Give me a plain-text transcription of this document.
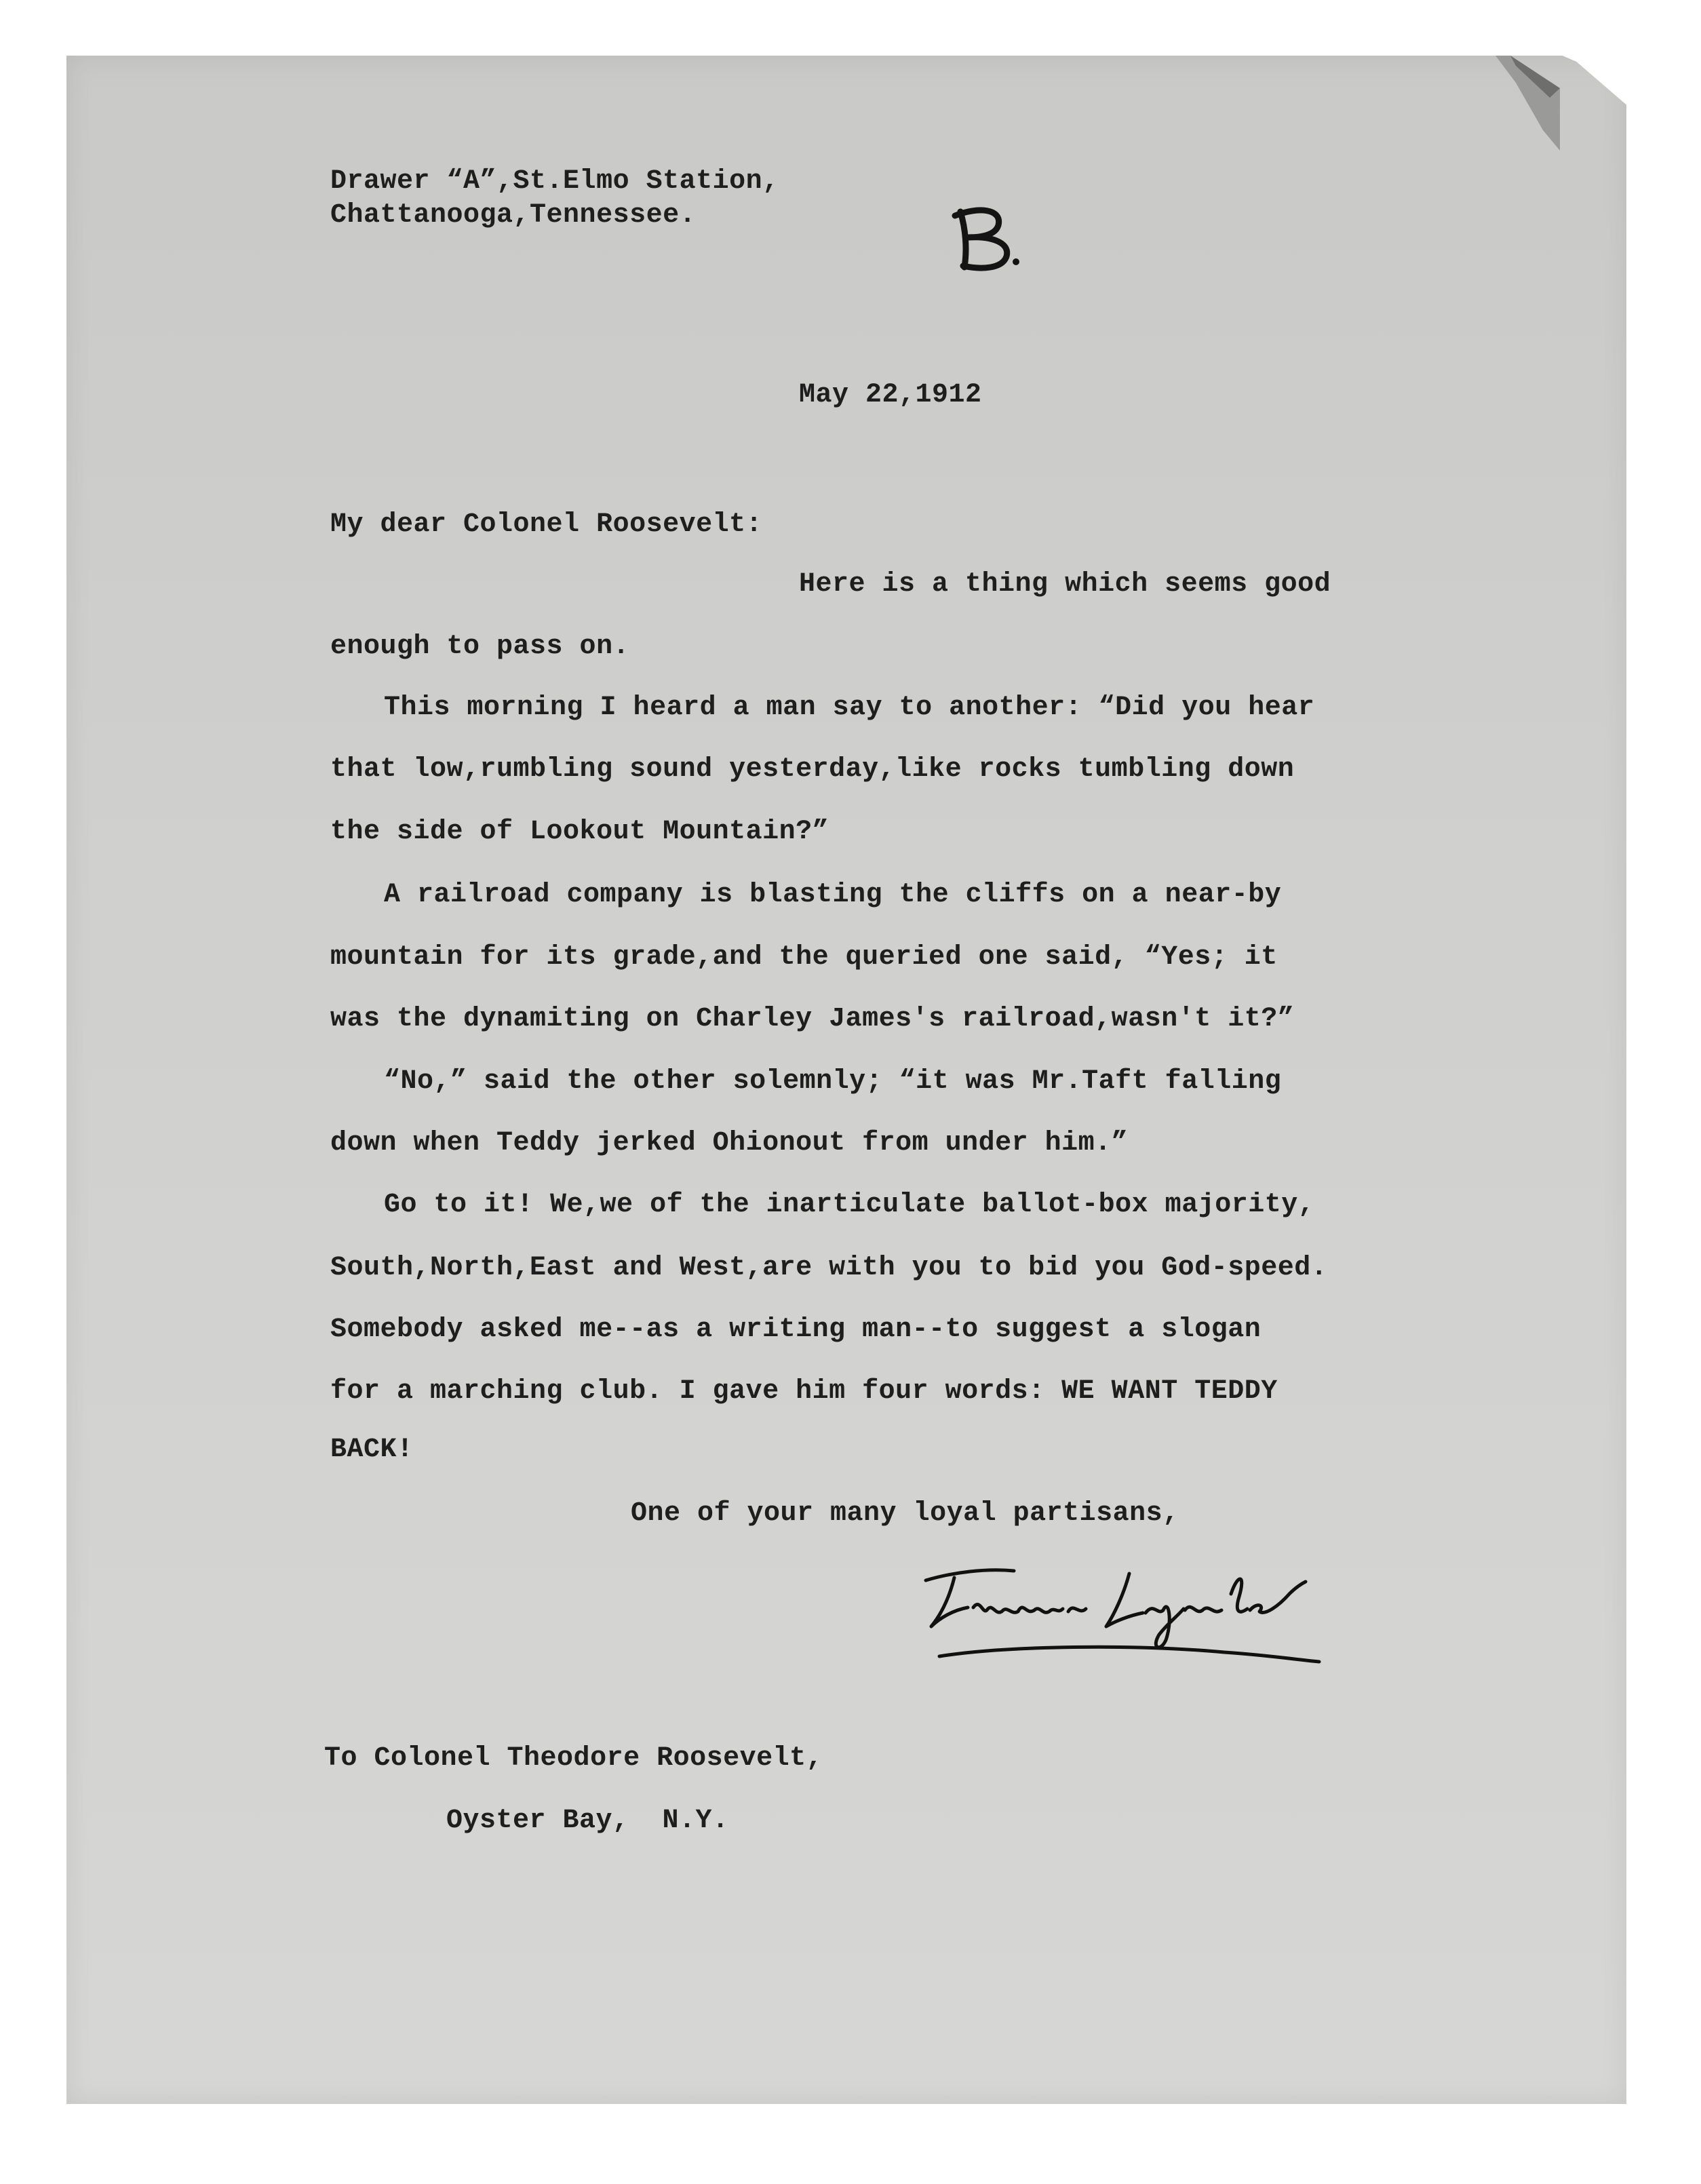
Drawer “A”,St.Elmo Station,
Chattanooga,Tennessee.
May 22,1912
My dear Colonel Roosevelt:
Here is a thing which seems good
enough to pass on.
This morning I heard a man say to another: “Did you hear
that low,rumbling sound yesterday,like rocks tumbling down
the side of Lookout Mountain?”
A railroad company is blasting the cliffs on a near-by
mountain for its grade,and the queried one said, “Yes; it
was the dynamiting on Charley James's railroad,wasn't it?”
“No,” said the other solemnly; “it was Mr.Taft falling
down when Teddy jerked Ohionout from under him.”
Go to it! We,we of the inarticulate ballot-box majority,
South,North,East and West,are with you to bid you God-speed.
Somebody asked me--as a writing man--to suggest a slogan
for a marching club. I gave him four words: WE WANT TEDDY
BACK!
One of your many loyal partisans,
To Colonel Theodore Roosevelt,
Oyster Bay,  N.Y.
